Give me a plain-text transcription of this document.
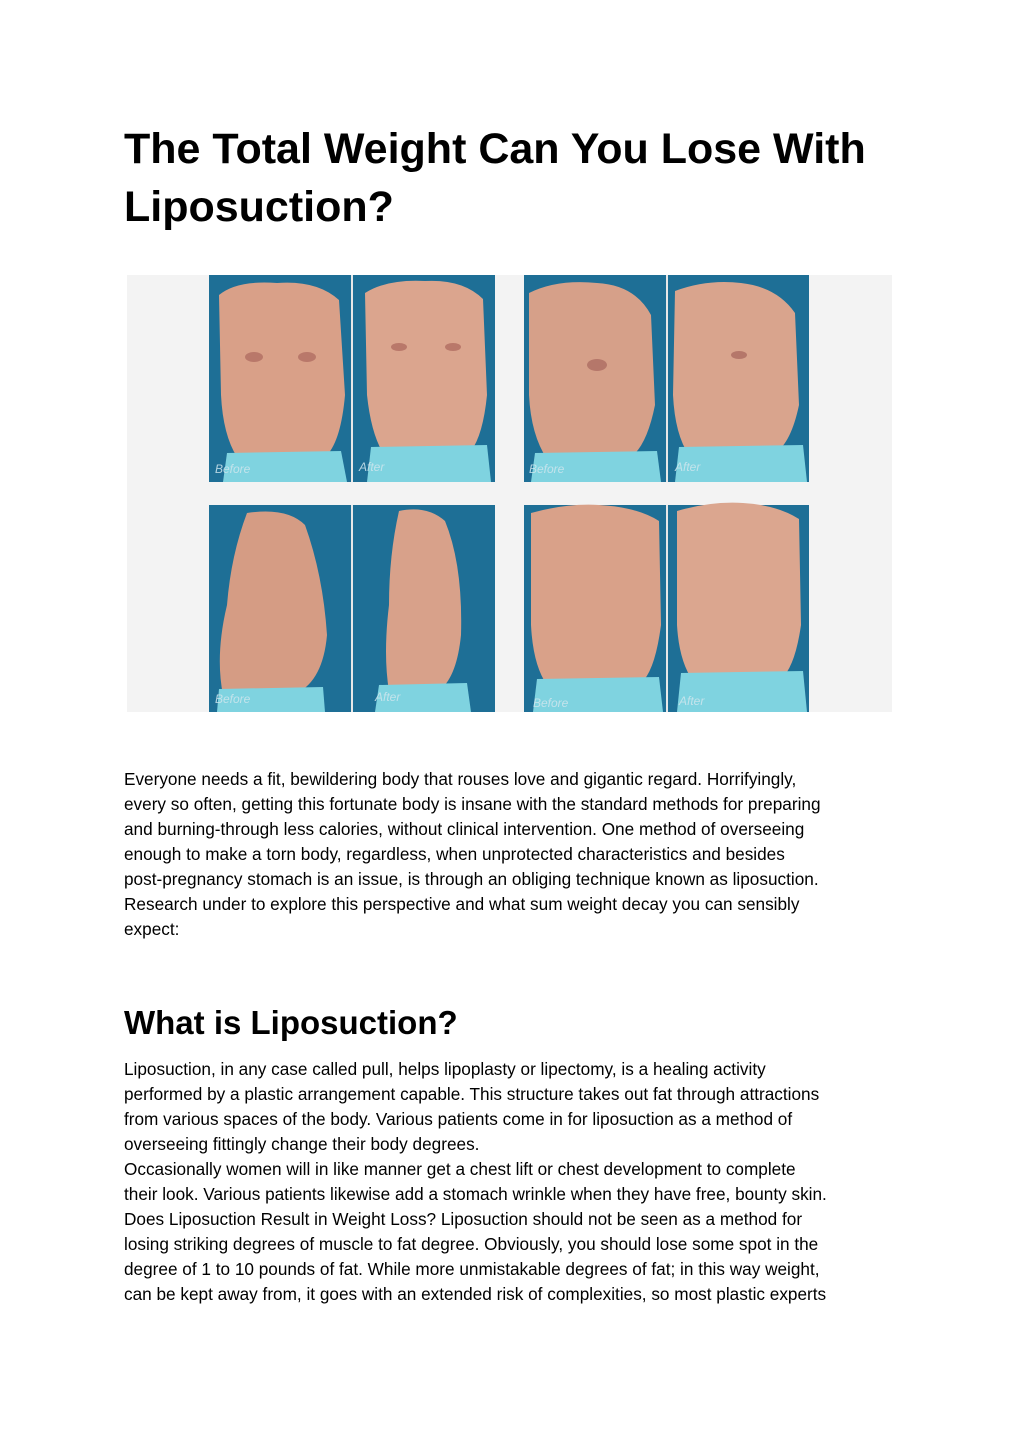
The Total Weight Can You Lose With
Liposuction?
Before	After	Before	After
Before	After	Before	After
Everyone needs a fit, bewildering body that rouses love and gigantic regard. Horrifyingly,
every so often, getting this fortunate body is insane with the standard methods for preparing
and burning-through less calories, without clinical intervention. One method of overseeing
enough to make a torn body, regardless, when unprotected characteristics and besides
post-pregnancy stomach is an issue, is through an obliging technique known as liposuction.
Research under to explore this perspective and what sum weight decay you can sensibly
expect:
What is Liposuction?
Liposuction, in any case called pull, helps lipoplasty or lipectomy, is a healing activity
performed by a plastic arrangement capable. This structure takes out fat through attractions
from various spaces of the body. Various patients come in for liposuction as a method of
overseeing fittingly change their body degrees.
Occasionally women will in like manner get a chest lift or chest development to complete
their look. Various patients likewise add a stomach wrinkle when they have free, bounty skin.
Does Liposuction Result in Weight Loss? Liposuction should not be seen as a method for
losing striking degrees of muscle to fat degree. Obviously, you should lose some spot in the
degree of 1 to 10 pounds of fat. While more unmistakable degrees of fat; in this way weight,
can be kept away from, it goes with an extended risk of complexities, so most plastic experts
